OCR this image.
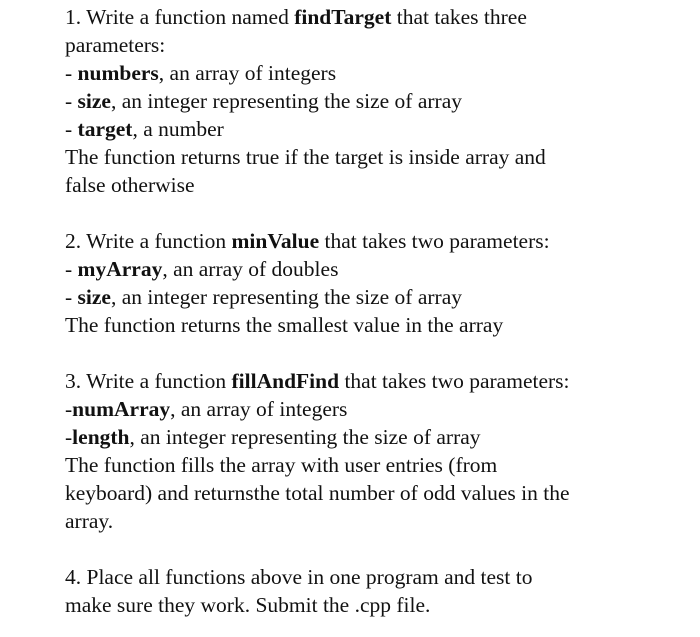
1. Write a function named findTarget that takes three
parameters:
- numbers, an array of integers
- size, an integer representing the size of array
- target, a number
The function returns true if the target is inside array and
false otherwise
2. Write a function minValue that takes two parameters:
- myArray, an array of doubles
- size, an integer representing the size of array
The function returns the smallest value in the array
3. Write a function fillAndFind that takes two parameters:
-numArray, an array of integers
-length, an integer representing the size of array
The function fills the array with user entries (from
keyboard) and returnsthe total number of odd values in the
array.
4. Place all functions above in one program and test to
make sure they work. Submit the .cpp file.
